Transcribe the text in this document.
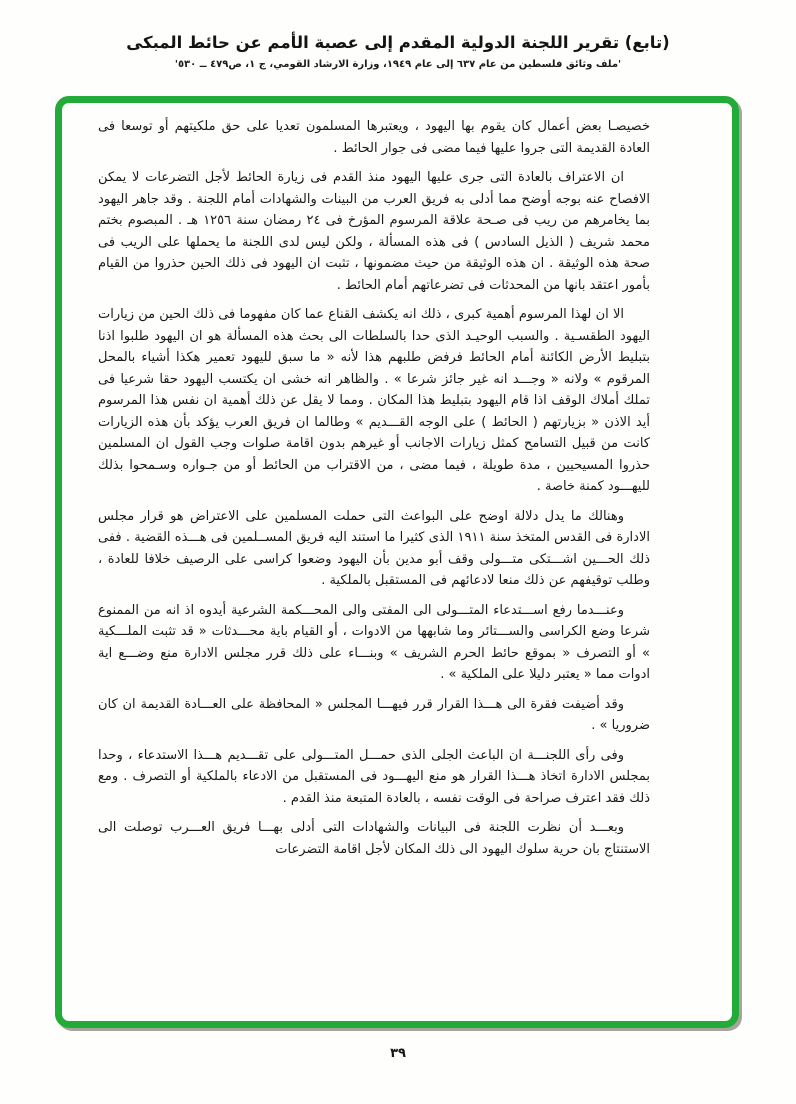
(تابع) تقرير اللجنة الدولية المقدم إلى عصبة الأمم عن حائط المبكى
'ملف وثائق فلسطين من عام ٦٣٧ إلى عام ١٩٤٩، وزارة الارشاد القومي، ج ١، ص٤٧٩ ــ ٥٣٠'

خصيصـا بعض أعمال كان يقوم بها اليهود ، ويعتبرها المسلمون تعديا على حق ملكيتهم أو توسعا فى العادة القديمة التى جروا عليها فيما مضى فى جوار الحائط .

ان الاعتراف بالعادة التى جرى عليها اليهود منذ القدم فى زيارة الحائط لأجل التضرعات لا يمكن الافصاح عنه بوجه أوضح مما أدلى به فريق العرب من البينات والشهادات أمام اللجنة . وقد جاهر اليهود بما يخامرهم من ريب فى صـحة علاقة المرسوم المؤرخ فى ٢٤ رمضان سنة ١٢٥٦ هـ . المبصوم بختم محمد شريف ( الذيل السادس ) فى هذه المسألة ، ولكن ليس لدى اللجنة ما يحملها على الريب فى صحة هذه الوثيقة . ان هذه الوثيقة من حيث مضمونها ، تثبت ان اليهود فى ذلك الحين حذروا من القيام بأمور اعتقد بانها من المحدثات فى تضرعاتهم أمام الحائط .

الا ان لهذا المرسوم أهمية كبرى ، ذلك انه يكشف القناع عما كان مفهوما فى ذلك الحين من زيارات اليهود الطقسـية . والسبب الوحيـد الذى حدا بالسلطات الى بحث هذه المسألة هو ان اليهود طلبوا اذنا بتبليط الأرض الكائنة أمام الحائط فرفض طلبهم هذا لأنه « ما سبق لليهود تعمير هكذا أشياء بالمحل المرقوم » ولانه « وجـــد انه غير جائز شرعا » . والظاهر انه خشى ان يكتسب اليهود حقا شرعيا فى تملك أملاك الوقف اذا قام اليهود بتبليط هذا المكان . ومما لا يقل عن ذلك أهمية ان نفس هذا المرسوم أيد الاذن « بزيارتهم ( الحائط ) على الوجه القـــديم » وطالما ان فريق العرب يؤكد بأن هذه الزيارات كانت من قبيل التسامح كمثل زيارات الاجانب أو غيرهم بدون اقامة صلوات وجب القول ان المسلمين حذروا المسيحيين ، مدة طويلة ، فيما مضى ، من الاقتراب من الحائط أو من جـواره وسـمحوا بذلك لليهـــود كمنة خاصة .

وهنالك ما يدل دلالة اوضح على البواعث التى حملت المسلمين على الاعتراض هو قرار مجلس الادارة فى القدس المتخذ سنة ١٩١١ الذى كثيرا ما استند اليه فريق المســلمين فى هـــذه القضية . ففى ذلك الحـــين اشـــتكى متـــولى وقف أبو مدين بأن اليهود وضعوا كراسى على الرصيف خلافا للعادة ، وطلب توقيفهم عن ذلك منعا لادعائهم فى المستقبل بالملكية .

وعنـــدما رفع اســـتدعاء المتـــولى الى المفتى والى المحـــكمة الشرعية أيدوه اذ انه من الممنوع شرعا وضع الكراسى والســـتائر وما شابهها من الادوات ، أو القيام باية محـــدثات « قد تثبت الملـــكية » أو التصرف « بموقع حائط الحرم الشريف » وبنـــاء على ذلك قرر مجلس الادارة منع وضـــع اية ادوات مما « يعتبر دليلا على الملكية » .

وقد أضيفت فقرة الى هـــذا القرار قرر فيهـــا المجلس « المحافظة على العـــادة القديمة ان كان ضروريا » .

وفى رأى اللجنـــة ان الباعث الجلى الذى حمـــل المتـــولى على تقـــديم هـــذا الاستدعاء ، وحدا بمجلس الادارة اتخاذ هـــذا القرار هو منع اليهـــود فى المستقبل من الادعاء بالملكية أو التصرف . ومع ذلك فقد اعترف صراحة فى الوقت نفسه ، بالعادة المتبعة منذ القدم .

وبعـــد أن نظرت اللجنة فى البيانات والشهادات التى أدلى بهـــا فريق العـــرب توصلت الى الاستنتاج بان حرية سلوك اليهود الى ذلك المكان لأجل اقامة التضرعات

٣٩
